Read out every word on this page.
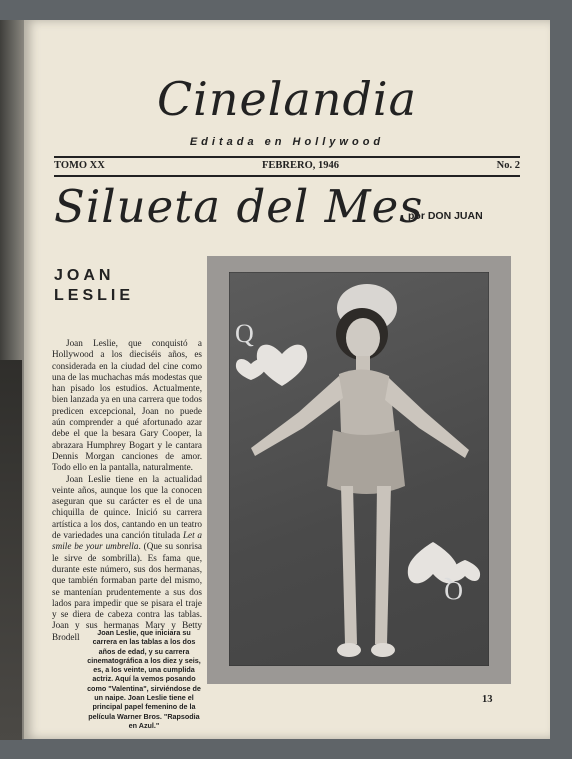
Cinelandia
Editada en Hollywood
TOMO XX	FEBRERO, 1946	No. 2
Silueta del Mes
por DON JUAN
JOAN
LESLIE

Joan Leslie, que conquistó a Hollywood a los dieciséis años, es considerada en la ciudad del cine como una de las muchachas más modestas que han pisado los estudios. Actualmente, bien lanzada ya en una carrera que todos predicen excepcional, Joan no puede aún comprender a qué afortunado azar debe el que la besara Gary Cooper, la abrazara Humphrey Bogart y le cantara Dennis Morgan canciones de amor. Todo ello en la pantalla, naturalmente.

Joan Leslie tiene en la actualidad veinte años, aunque los que la conocen aseguran que su carácter es el de una chiquilla de quince. Inició su carrera artística a los dos, cantando en un teatro de variedades una canción titulada Let a smile be your umbrella. (Que su sonrisa le sirve de sombrilla). Es fama que, durante este número, sus dos hermanas, que también formaban parte del mismo, se mantenían prudentemente a sus dos lados para impedir que se pisara el traje y se diera de cabeza contra las tablas. Joan y sus hermanas Mary y Betty Brodell	Joan Leslie, que iniciara su carrera en las tablas a los dos años de edad, y su carrera cinematográfica a los diez y seis, es, a los veinte, una cumplida actriz. Aquí la vemos posando como "Valentina", sirviéndose de un naipe. Joan Leslie tiene el principal papel femenino de la película Warner Bros. "Rapsodia en Azul."
Q
Q
13
